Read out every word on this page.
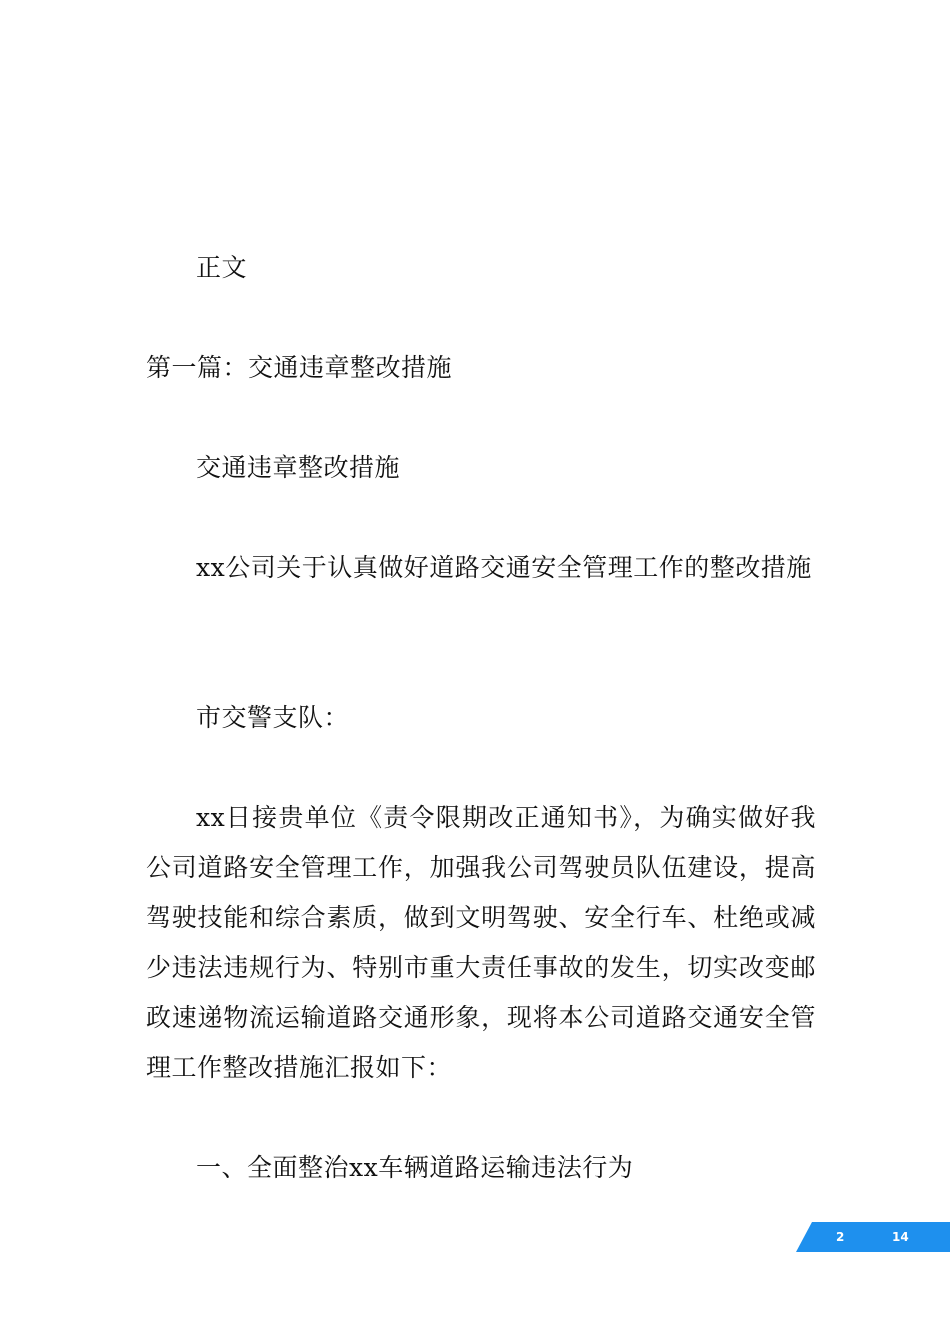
正文
第一篇：交通违章整改措施
交通违章整改措施
xx公司关于认真做好道路交通安全管理工作的整改措施
市交警支队：
xx日接贵单位《责令限期改正通知书》，为确实做好我公司道路安全管理工作，加强我公司驾驶员队伍建设，提高驾驶技能和综合素质，做到文明驾驶、安全行车、杜绝或减少违法违规行为、特别市重大责任事故的发生，切实改变邮政速递物流运输道路交通形象，现将本公司道路交通安全管理工作整改措施汇报如下：
一、全面整治xx车辆道路运输违法行为
2	14
